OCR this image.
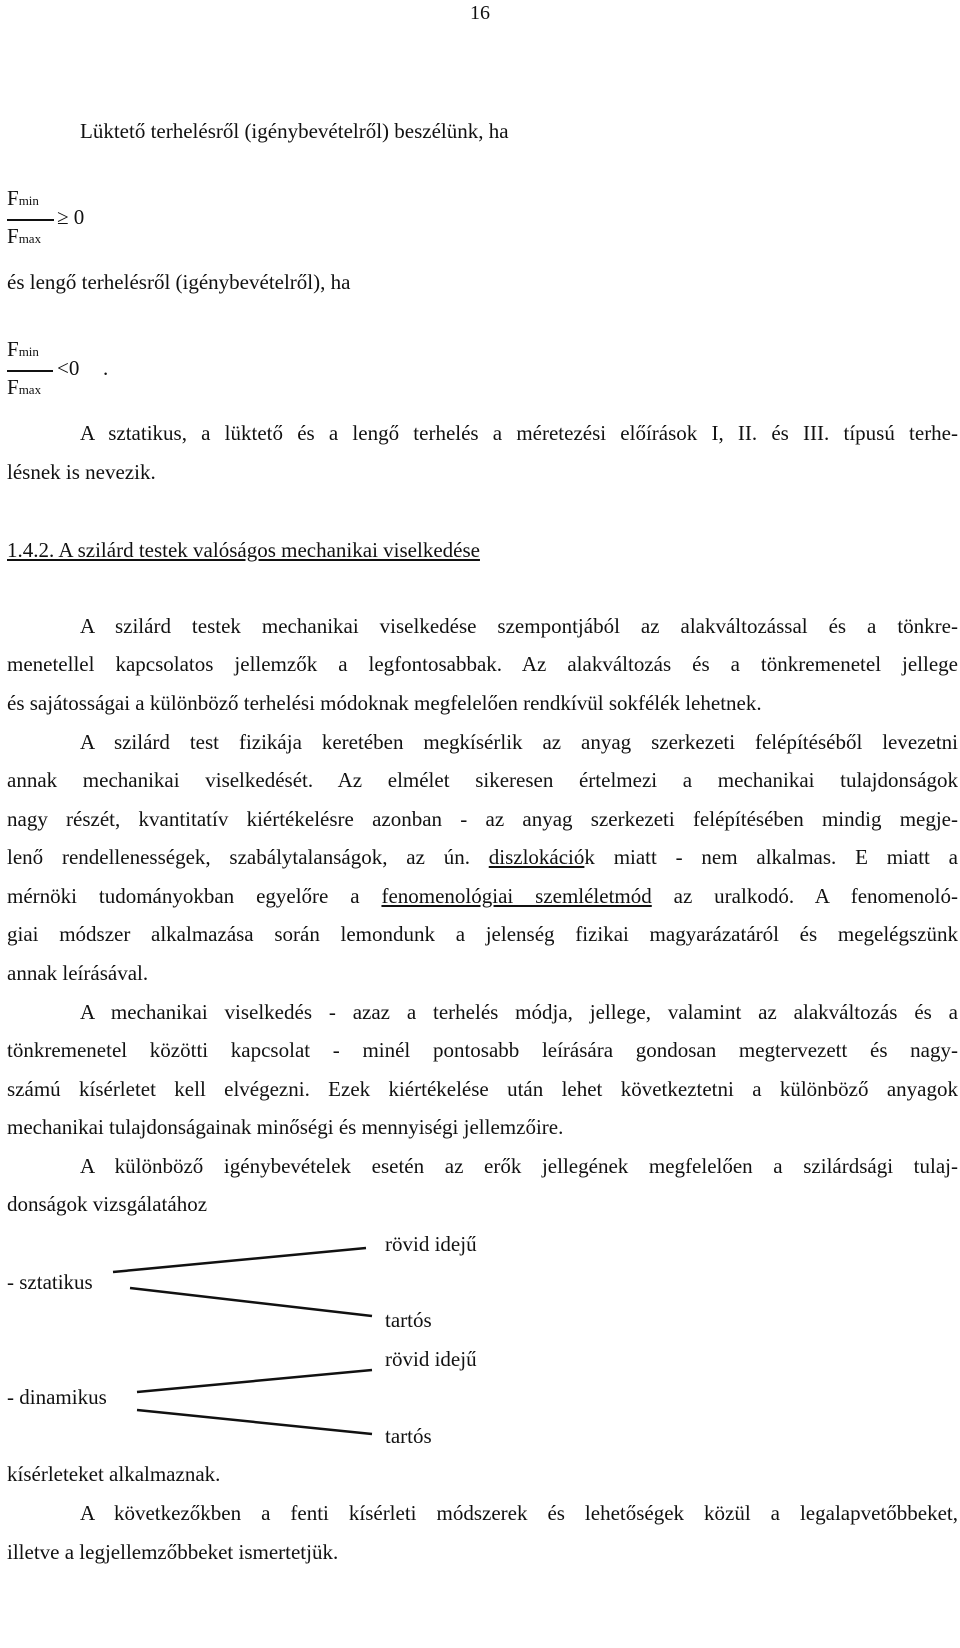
16
Lüktető terhelésről (igénybevételről) beszélünk, ha
Fmin
Fmax
≥ 0
és lengő terhelésről (igénybevételről), ha
Fmin
Fmax
<0 .
A sztatikus, a lüktető és a lengő terhelés a méretezési előírások I, II. és III. típusú terhe-
lésnek is nevezik.
1.4.2. A szilárd testek valóságos mechanikai viselkedése
A szilárd testek mechanikai viselkedése szempontjából az alakváltozással és a tönkre-
menetellel kapcsolatos jellemzők a legfontosabbak. Az alakváltozás és a tönkremenetel jellege
és sajátosságai a különböző terhelési módoknak megfelelően rendkívül sokfélék lehetnek.
A szilárd test fizikája keretében megkísérlik az anyag szerkezeti felépítéséből levezetni
annak mechanikai viselkedését. Az elmélet sikeresen értelmezi a mechanikai tulajdonságok
nagy részét, kvantitatív kiértékelésre azonban - az anyag szerkezeti felépítésében mindig megje-
lenő rendellenességek, szabálytalanságok, az ún. diszlokációk miatt - nem alkalmas. E miatt a
mérnöki tudományokban egyelőre a fenomenológiai szemléletmód az uralkodó. A fenomenoló-
giai módszer alkalmazása során lemondunk a jelenség fizikai magyarázatáról és megelégszünk
annak leírásával.
A mechanikai viselkedés - azaz a terhelés módja, jellege, valamint az alakváltozás és a
tönkremenetel közötti kapcsolat - minél pontosabb leírására gondosan megtervezett és nagy-
számú kísérletet kell elvégezni. Ezek kiértékelése után lehet következtetni a különböző anyagok
mechanikai tulajdonságainak minőségi és mennyiségi jellemzőire.
A különböző igénybevételek esetén az erők jellegének megfelelően a szilárdsági tulaj-
donságok vizsgálatához
rövid idejű
- sztatikus
tartós
rövid idejű
- dinamikus
tartós
kísérleteket alkalmaznak.
A következőkben a fenti kísérleti módszerek és lehetőségek közül a legalapvetőbbeket,
illetve a legjellemzőbbeket ismertetjük.
